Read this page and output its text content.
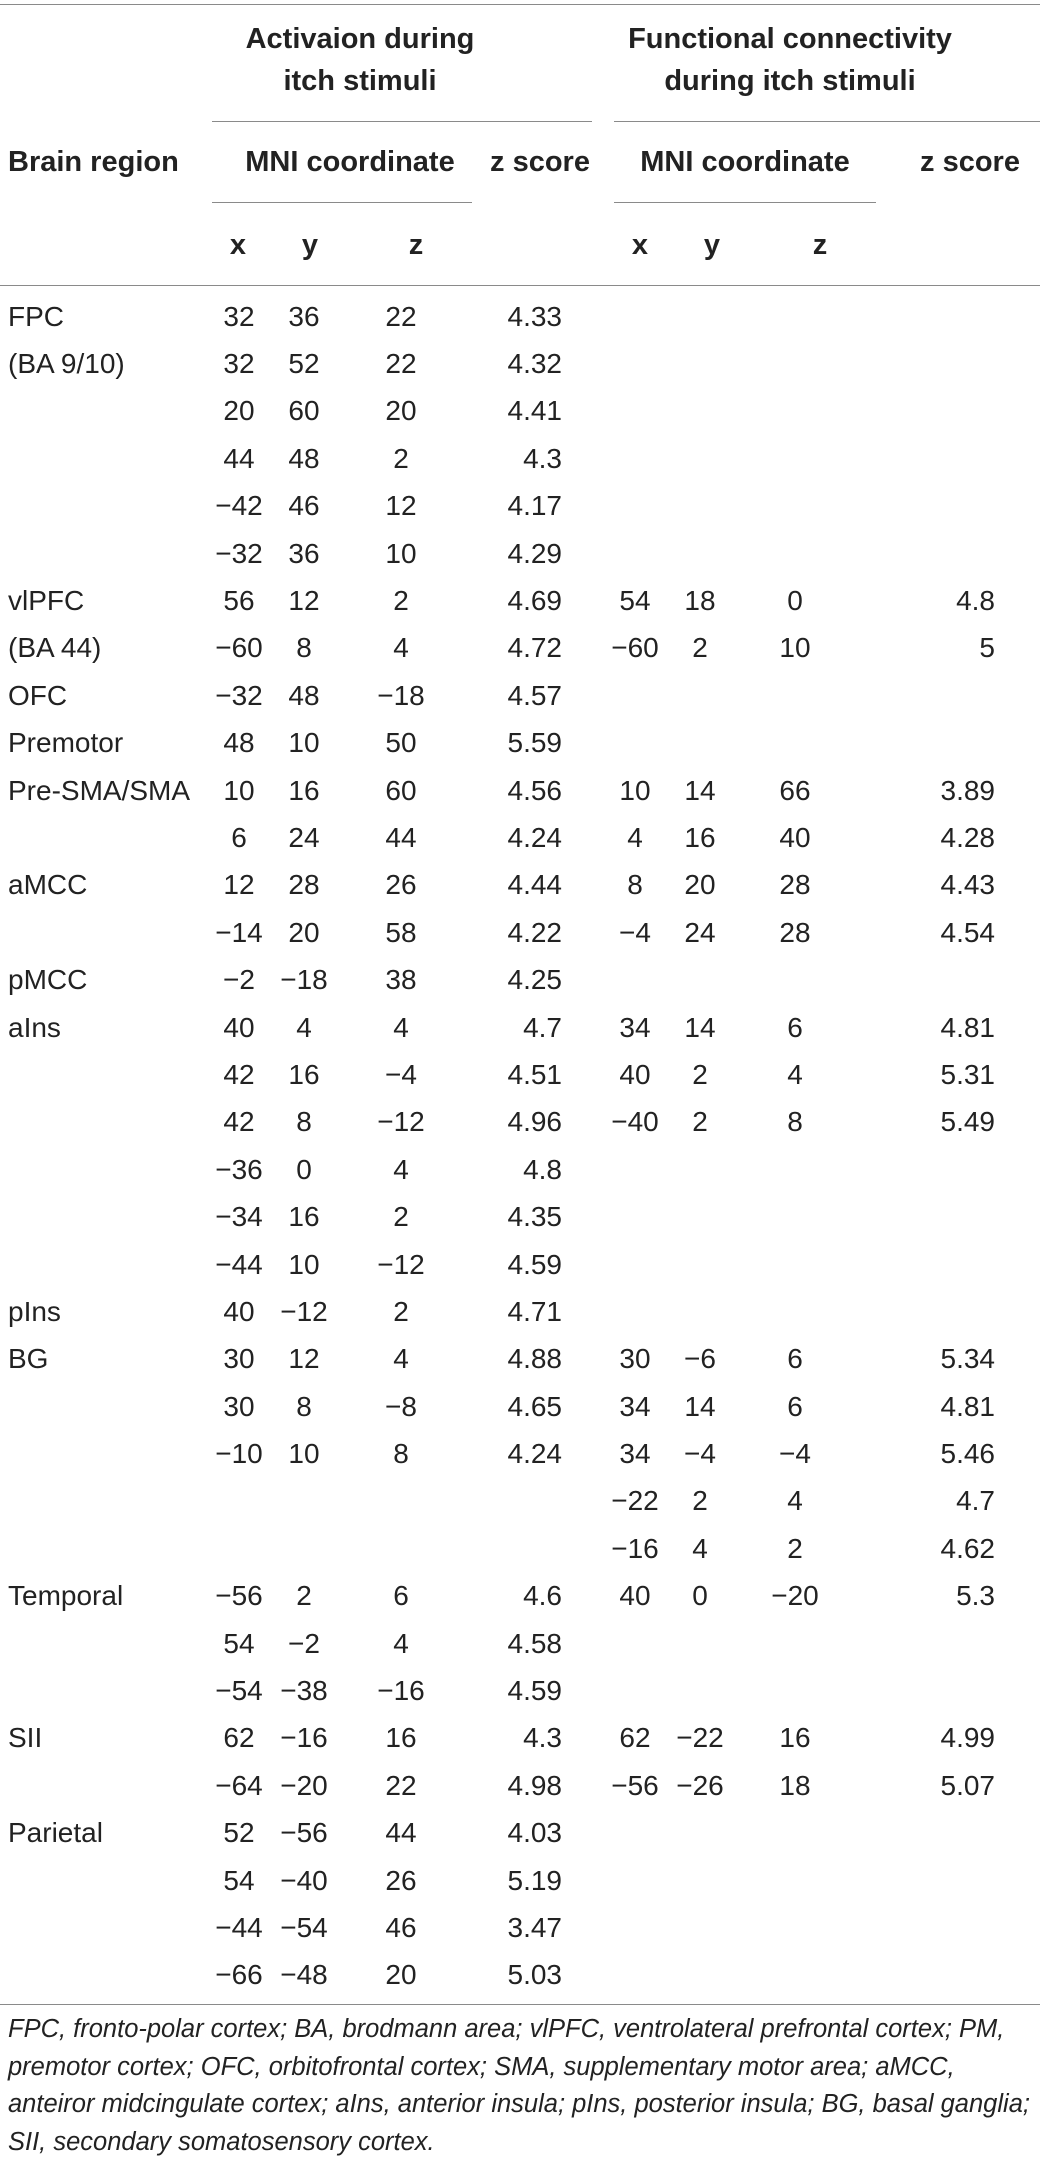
Activaion during
itch stimuli
Functional connectivity
during itch stimuli
Brain region	MNI coordinate	z score	MNI coordinate	z score
x	y	z	x	y	z
FPC	32	36	22	4.33				
(BA 9/10)	32	52	22	4.32				
	20	60	20	4.41				
	44	48	2	4.3				
	−42	46	12	4.17				
	−32	36	10	4.29				
vlPFC	56	12	2	4.69	54	18	0	4.8
(BA 44)	−60	8	4	4.72	−60	2	10	5
OFC	−32	48	−18	4.57				
Premotor	48	10	50	5.59				
Pre-SMA/SMA	10	16	60	4.56	10	14	66	3.89
	6	24	44	4.24	4	16	40	4.28
aMCC	12	28	26	4.44	8	20	28	4.43
	−14	20	58	4.22	−4	24	28	4.54
pMCC	−2	−18	38	4.25				
aIns	40	4	4	4.7	34	14	6	4.81
	42	16	−4	4.51	40	2	4	5.31
	42	8	−12	4.96	−40	2	8	5.49
	−36	0	4	4.8				
	−34	16	2	4.35				
	−44	10	−12	4.59				
pIns	40	−12	2	4.71				
BG	30	12	4	4.88	30	−6	6	5.34
	30	8	−8	4.65	34	14	6	4.81
	−10	10	8	4.24	34	−4	−4	5.46
					−22	2	4	4.7
					−16	4	2	4.62
Temporal	−56	2	6	4.6	40	0	−20	5.3
	54	−2	4	4.58				
	−54	−38	−16	4.59				
SII	62	−16	16	4.3	62	−22	16	4.99
	−64	−20	22	4.98	−56	−26	18	5.07
Parietal	52	−56	44	4.03				
	54	−40	26	5.19				
	−44	−54	46	3.47				
	−66	−48	20	5.03				
FPC, fronto-polar cortex; BA, brodmann area; vlPFC, ventrolateral prefrontal cortex; PM, premotor cortex; OFC, orbitofrontal cortex; SMA, supplementary motor area; aMCC, anteiror midcingulate cortex; aIns, anterior insula; pIns, posterior insula; BG, basal ganglia; SII, secondary somatosensory cortex.
